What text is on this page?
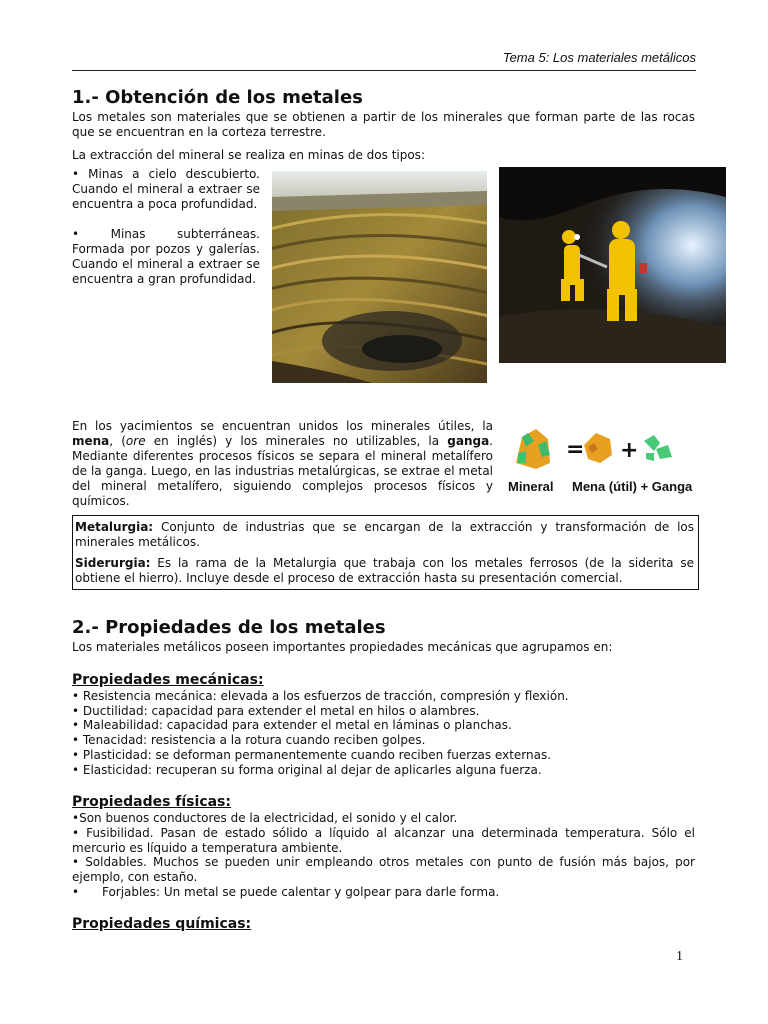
Tema 5: Los materiales metálicos
1.- Obtención de los metales

Los metales son materiales que se obtienen a partir de los minerales que forman parte de las rocas que se encuentran en la corteza terrestre.

La extracción del mineral se realiza en minas de dos tipos:

• Minas a cielo descubierto. Cuando el mineral a extraer se encuentra a poca profundidad.

• Minas subterráneas. Formada por pozos y galerías. Cuando el mineral a extraer se encuentra a gran profundidad.

En los yacimientos se encuentran unidos los minerales útiles, la mena, (ore en inglés) y los minerales no utilizables, la ganga. Mediante diferentes procesos físicos se separa el mineral metalífero de la ganga. Luego, en las industrias metalúrgicas, se extrae el metal del mineral metalífero, siguiendo complejos procesos físicos y químicos.

= +
Mineral Mena (útil) + Ganga

Metalurgia: Conjunto de industrias que se encargan de la extracción y transformación de los minerales metálicos.

Siderurgia: Es la rama de la Metalurgia que trabaja con los metales ferrosos (de la siderita se obtiene el hierro). Incluye desde el proceso de extracción hasta su presentación comercial.

2.- Propiedades de los metales

Los materiales metálicos poseen importantes propiedades mecánicas que agrupamos en:

Propiedades mecánicas:

• Resistencia mecánica: elevada a los esfuerzos de tracción, compresión y flexión.

• Ductilidad: capacidad para extender el metal en hilos o alambres.

• Maleabilidad: capacidad para extender el metal en láminas o planchas.

• Tenacidad: resistencia a la rotura cuando reciben golpes.

• Plasticidad: se deforman permanentemente cuando reciben fuerzas externas.

• Elasticidad: recuperan su forma original al dejar de aplicarles alguna fuerza.

Propiedades físicas:

•Son buenos conductores de la electricidad, el sonido y el calor.

• Fusibilidad. Pasan de estado sólido a líquido al alcanzar una determinada temperatura. Sólo el mercurio es líquido a temperatura ambiente.

• Soldables. Muchos se pueden unir empleando otros metales con punto de fusión más bajos, por ejemplo, con estaño.

•      Forjables: Un metal se puede calentar y golpear para darle forma.

Propiedades químicas:

1
